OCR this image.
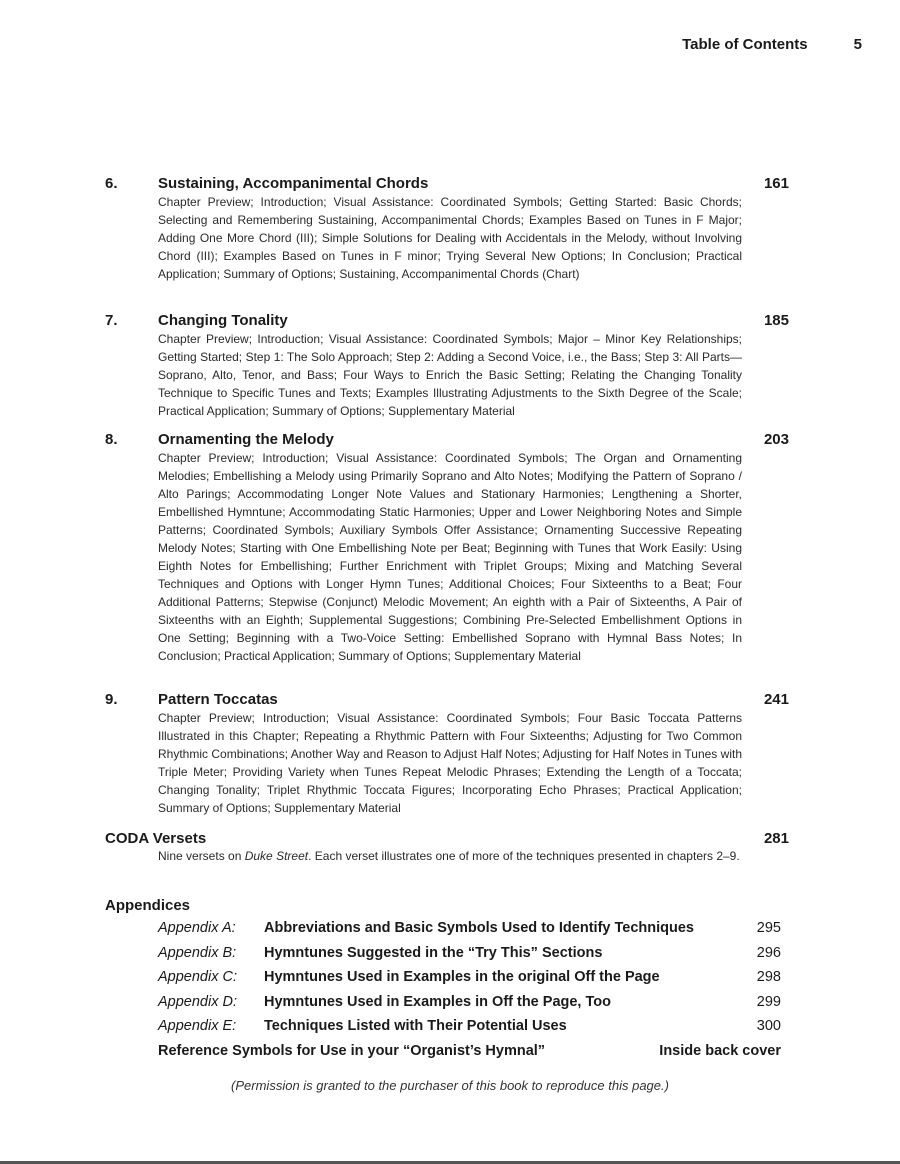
Table of Contents	5
6.	Sustaining, Accompanimental Chords	161

Chapter Preview; Introduction; Visual Assistance: Coordinated Symbols; Getting Started: Basic Chords; Selecting and Remembering Sustaining, Accompanimental Chords; Examples Based on Tunes in F Major; Adding One More Chord (III); Simple Solutions for Dealing with Accidentals in the Melody, without Involving Chord (III); Examples Based on Tunes in F minor; Trying Several New Options; In Conclusion; Practical Application; Summary of Options; Sustaining, Accompanimental Chords (Chart)

7.	Changing Tonality	185

Chapter Preview; Introduction; Visual Assistance: Coordinated Symbols; Major – Minor Key Relationships; Getting Started; Step 1: The Solo Approach; Step 2: Adding a Second Voice, i.e., the Bass; Step 3: All Parts—Soprano, Alto, Tenor, and Bass; Four Ways to Enrich the Basic Setting; Relating the Changing Tonality Technique to Specific Tunes and Texts; Examples Illustrating Adjustments to the Sixth Degree of the Scale; Practical Application; Summary of Options; Supplementary Material

8.	Ornamenting the Melody	203

Chapter Preview; Introduction; Visual Assistance: Coordinated Symbols; The Organ and Ornamenting Melodies; Embellishing a Melody using Primarily Soprano and Alto Notes; Modifying the Pattern of Soprano / Alto Parings; Accommodating Longer Note Values and Stationary Harmonies; Lengthening a Shorter, Embellished Hymntune; Accommodating Static Harmonies; Upper and Lower Neighboring Notes and Simple Patterns; Coordinated Symbols; Auxiliary Symbols Offer Assistance; Ornamenting Successive Repeating Melody Notes; Starting with One Embellishing Note per Beat; Beginning with Tunes that Work Easily: Using Eighth Notes for Embellishing; Further Enrichment with Triplet Groups; Mixing and Matching Several Techniques and Options with Longer Hymn Tunes; Additional Choices; Four Sixteenths to a Beat; Four Additional Patterns; Stepwise (Conjunct) Melodic Movement; An eighth with a Pair of Sixteenths, A Pair of Sixteenths with an Eighth; Supplemental Suggestions; Combining Pre-Selected Embellishment Options in One Setting; Beginning with a Two-Voice Setting: Embellished Soprano with Hymnal Bass Notes; In Conclusion; Practical Application; Summary of Options; Supplementary Material

9.	Pattern Toccatas	241

Chapter Preview; Introduction; Visual Assistance: Coordinated Symbols; Four Basic Toccata Patterns Illustrated in this Chapter; Repeating a Rhythmic Pattern with Four Sixteenths; Adjusting for Two Common Rhythmic Combinations; Another Way and Reason to Adjust Half Notes; Adjusting for Half Notes in Tunes with Triple Meter; Providing Variety when Tunes Repeat Melodic Phrases; Extending the Length of a Toccata; Changing Tonality; Triplet Rhythmic Toccata Figures; Incorporating Echo Phrases; Practical Application; Summary of Options; Supplementary Material

CODA Versets	281
Nine versets on Duke Street. Each verset illustrates one of more of the techniques presented in chapters 2–9.
Appendices
Appendix A:	Abbreviations and Basic Symbols Used to Identify Techniques	295
Appendix B:	Hymntunes Suggested in the “Try This” Sections	296
Appendix C:	Hymntunes Used in Examples in the original Off the Page	298
Appendix D:	Hymntunes Used in Examples in Off the Page, Too	299
Appendix E:	Techniques Listed with Their Potential Uses	300
Reference Symbols for Use in your “Organist’s Hymnal”	Inside back cover
(Permission is granted to the purchaser of this book to reproduce this page.)
